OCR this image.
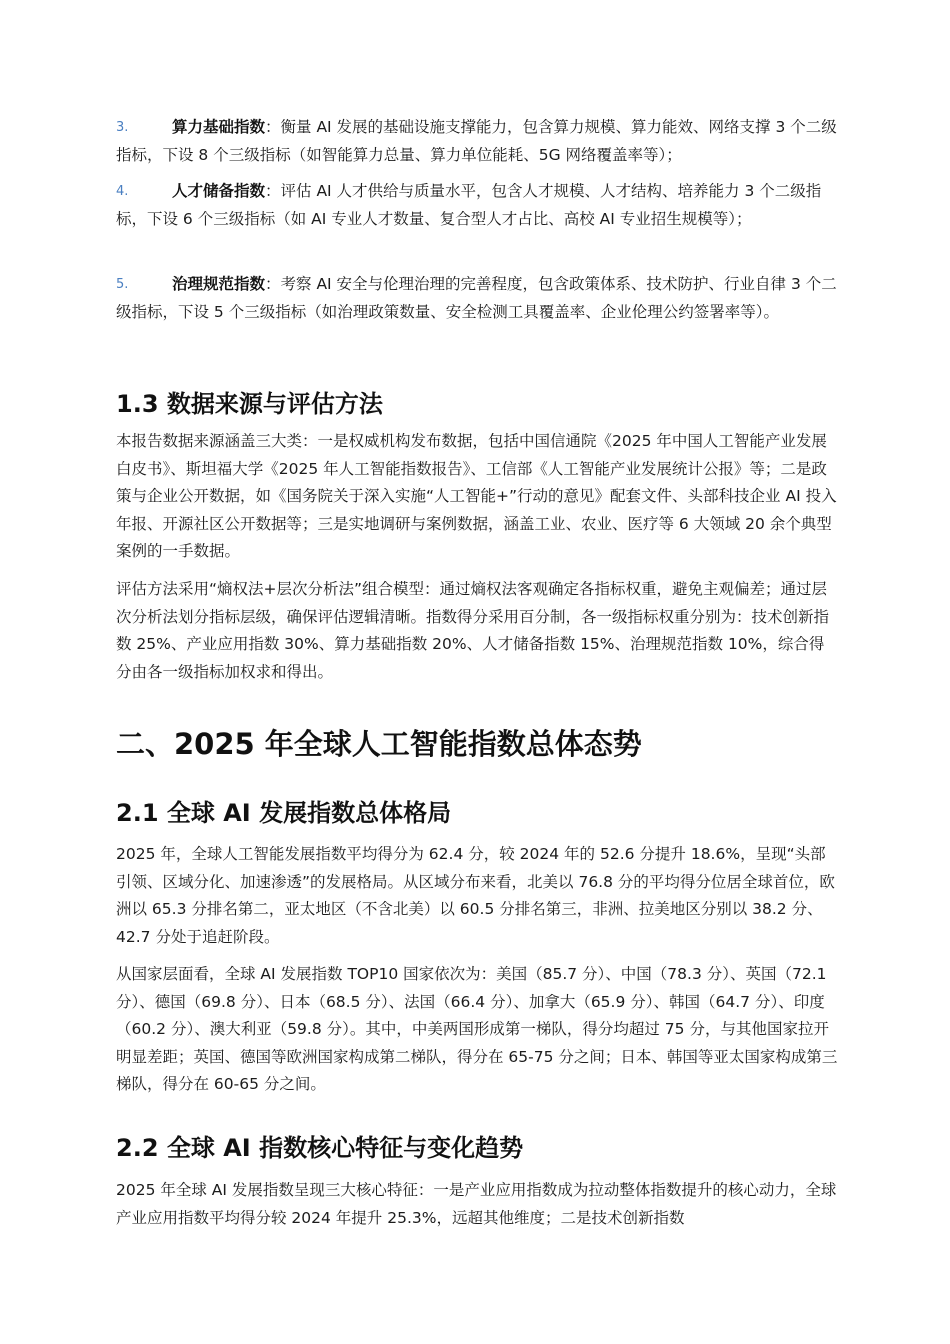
3.	算力基础指数：衡量 AI 发展的基础设施支撑能力，包含算力规模、算力能效、网络支撑 3 个二级指标，下设 8 个三级指标（如智能算力总量、算力单位能耗、5G 网络覆盖率等）；
4.	人才储备指数：评估 AI 人才供给与质量水平，包含人才规模、人才结构、培养能力 3 个二级指标，下设 6 个三级指标（如 AI 专业人才数量、复合型人才占比、高校 AI 专业招生规模等）；
5.	治理规范指数：考察 AI 安全与伦理治理的完善程度，包含政策体系、技术防护、行业自律 3 个二级指标，下设 5 个三级指标（如治理政策数量、安全检测工具覆盖率、企业伦理公约签署率等）。
1.3 数据来源与评估方法

本报告数据来源涵盖三大类：一是权威机构发布数据，包括中国信通院《2025 年中国人工智能产业发展白皮书》、斯坦福大学《2025 年人工智能指数报告》、工信部《人工智能产业发展统计公报》等；二是政策与企业公开数据，如《国务院关于深入实施“人工智能+”行动的意见》配套文件、头部科技企业 AI 投入年报、开源社区公开数据等；三是实地调研与案例数据，涵盖工业、农业、医疗等 6 大领域 20 余个典型案例的一手数据。

评估方法采用“熵权法+层次分析法”组合模型：通过熵权法客观确定各指标权重，避免主观偏差；通过层次分析法划分指标层级，确保评估逻辑清晰。指数得分采用百分制，各一级指标权重分别为：技术创新指数 25%、产业应用指数 30%、算力基础指数 20%、人才储备指数 15%、治理规范指数 10%，综合得分由各一级指标加权求和得出。

二、2025 年全球人工智能指数总体态势
2.1 全球 AI 发展指数总体格局

2025 年，全球人工智能发展指数平均得分为 62.4 分，较 2024 年的 52.6 分提升 18.6%，呈现“头部引领、区域分化、加速渗透”的发展格局。从区域分布来看，北美以 76.8 分的平均得分位居全球首位，欧洲以 65.3 分排名第二，亚太地区（不含北美）以 60.5 分排名第三，非洲、拉美地区分别以 38.2 分、42.7 分处于追赶阶段。

从国家层面看，全球 AI 发展指数 TOP10 国家依次为：美国（85.7 分）、中国（78.3 分）、英国（72.1 分）、德国（69.8 分）、日本（68.5 分）、法国（66.4 分）、加拿大（65.9 分）、韩国（64.7 分）、印度（60.2 分）、澳大利亚（59.8 分）。其中，中美两国形成第一梯队，得分均超过 75 分，与其他国家拉开明显差距；英国、德国等欧洲国家构成第二梯队，得分在 65-75 分之间；日本、韩国等亚太国家构成第三梯队，得分在 60-65 分之间。

2.2 全球 AI 指数核心特征与变化趋势

2025 年全球 AI 发展指数呈现三大核心特征：一是产业应用指数成为拉动整体指数提升的核心动力，全球产业应用指数平均得分较 2024 年提升 25.3%，远超其他维度；二是技术创新指数
